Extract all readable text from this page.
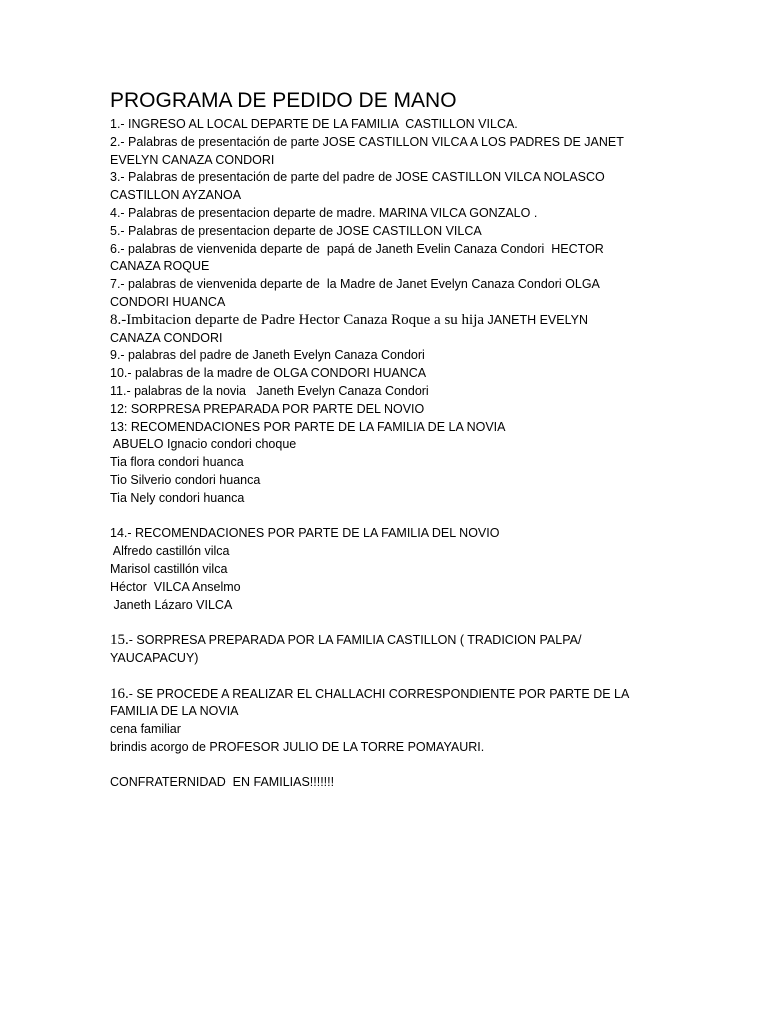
PROGRAMA DE PEDIDO DE MANO
1.- INGRESO AL LOCAL DEPARTE DE LA FAMILIA  CASTILLON VILCA.
2.- Palabras de presentación de parte JOSE CASTILLON VILCA A LOS PADRES DE JANET
EVELYN CANAZA CONDORI
3.- Palabras de presentación de parte del padre de JOSE CASTILLON VILCA NOLASCO
CASTILLON AYZANOA
4.- Palabras de presentacion departe de madre. MARINA VILCA GONZALO .
5.- Palabras de presentacion departe de JOSE CASTILLON VILCA
6.- palabras de vienvenida departe de  papá de Janeth Evelin Canaza Condori  HECTOR
CANAZA ROQUE
7.- palabras de vienvenida departe de  la Madre de Janet Evelyn Canaza Condori OLGA
CONDORI HUANCA
8.-Imbitacion departe de Padre Hector Canaza Roque a su hija JANETH EVELYN
CANAZA CONDORI
9.- palabras del padre de Janeth Evelyn Canaza Condori
10.- palabras de la madre de OLGA CONDORI HUANCA
11.- palabras de la novia   Janeth Evelyn Canaza Condori
12: SORPRESA PREPARADA POR PARTE DEL NOVIO
13: RECOMENDACIONES POR PARTE DE LA FAMILIA DE LA NOVIA
ABUELO Ignacio condori choque
Tia flora condori huanca
Tio Silverio condori huanca
Tia Nely condori huanca
14.- RECOMENDACIONES POR PARTE DE LA FAMILIA DEL NOVIO
Alfredo castillón vilca
Marisol castillón vilca
Héctor  VILCA Anselmo
Janeth Lázaro VILCA
15.- SORPRESA PREPARADA POR LA FAMILIA CASTILLON ( TRADICION PALPA/
YAUCAPACUY)
16.- SE PROCEDE A REALIZAR EL CHALLACHI CORRESPONDIENTE POR PARTE DE LA
FAMILIA DE LA NOVIA
cena familiar
brindis acorgo de PROFESOR JULIO DE LA TORRE POMAYAURI.
CONFRATERNIDAD  EN FAMILIAS!!!!!!!
